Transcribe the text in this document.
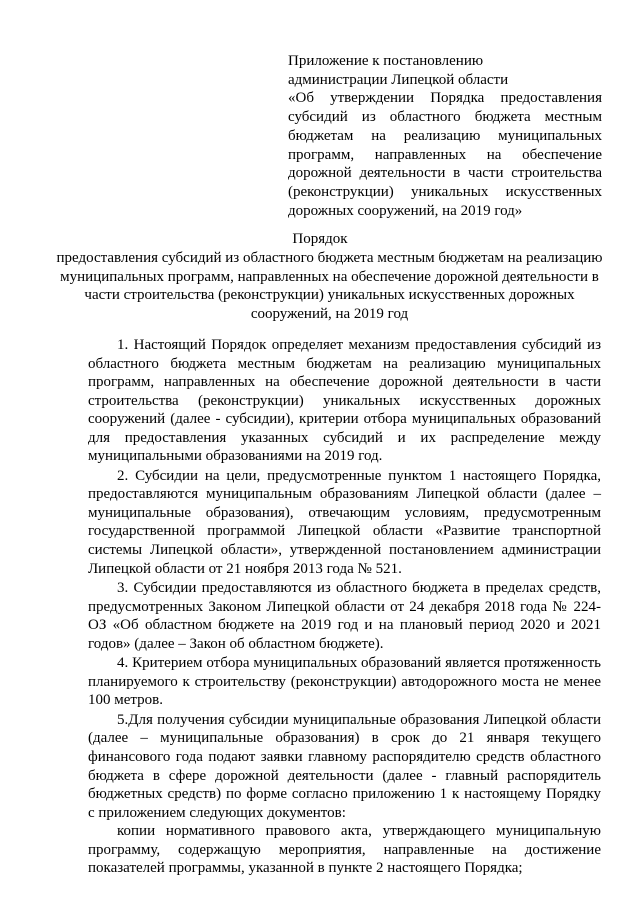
Приложение к постановлению
администрации Липецкой области
«Об утверждении Порядка предоставления субсидий из областного бюджета местным бюджетам на реализацию муниципальных программ, направленных на обеспечение дорожной деятельности в части строительства (реконструкции) уникальных искусственных дорожных сооружений, на 2019 год»
Порядок
предоставления субсидий из областного бюджета местным бюджетам на реализацию муниципальных программ, направленных на обеспечение дорожной деятельности в части строительства (реконструкции) уникальных искусственных дорожных сооружений, на 2019 год

1. Настоящий Порядок определяет механизм предоставления субсидий из областного бюджета местным бюджетам на реализацию муниципальных программ, направленных на обеспечение дорожной деятельности в части строительства (реконструкции) уникальных искусственных дорожных сооружений (далее - субсидии), критерии отбора муниципальных образований для предоставления указанных субсидий и их распределение между муниципальными образованиями на 2019 год.

2. Субсидии на цели, предусмотренные пунктом 1 настоящего Порядка, предоставляются муниципальным образованиям Липецкой области (далее – муниципальные образования), отвечающим условиям, предусмотренным государственной программой Липецкой области «Развитие транспортной системы Липецкой области», утвержденной постановлением администрации Липецкой области от 21 ноября 2013 года № 521.

3. Субсидии предоставляются из областного бюджета в пределах средств, предусмотренных Законом Липецкой области от 24 декабря 2018 года № 224-ОЗ «Об областном бюджете на 2019 год и на плановый период 2020 и 2021 годов» (далее – Закон об областном бюджете).

4. Критерием отбора муниципальных образований является протяженность планируемого к строительству (реконструкции) автодорожного моста не менее 100 метров.

5.Для получения субсидии муниципальные образования Липецкой области (далее – муниципальные образования) в срок до 21 января текущего финансового года подают заявки главному распорядителю средств областного бюджета в сфере дорожной деятельности (далее - главный распорядитель бюджетных средств) по форме согласно приложению 1 к настоящему Порядку с приложением следующих документов:

копии нормативного правового акта, утверждающего муниципальную программу, содержащую мероприятия, направленные на достижение показателей программы, указанной в пункте 2 настоящего Порядка;
